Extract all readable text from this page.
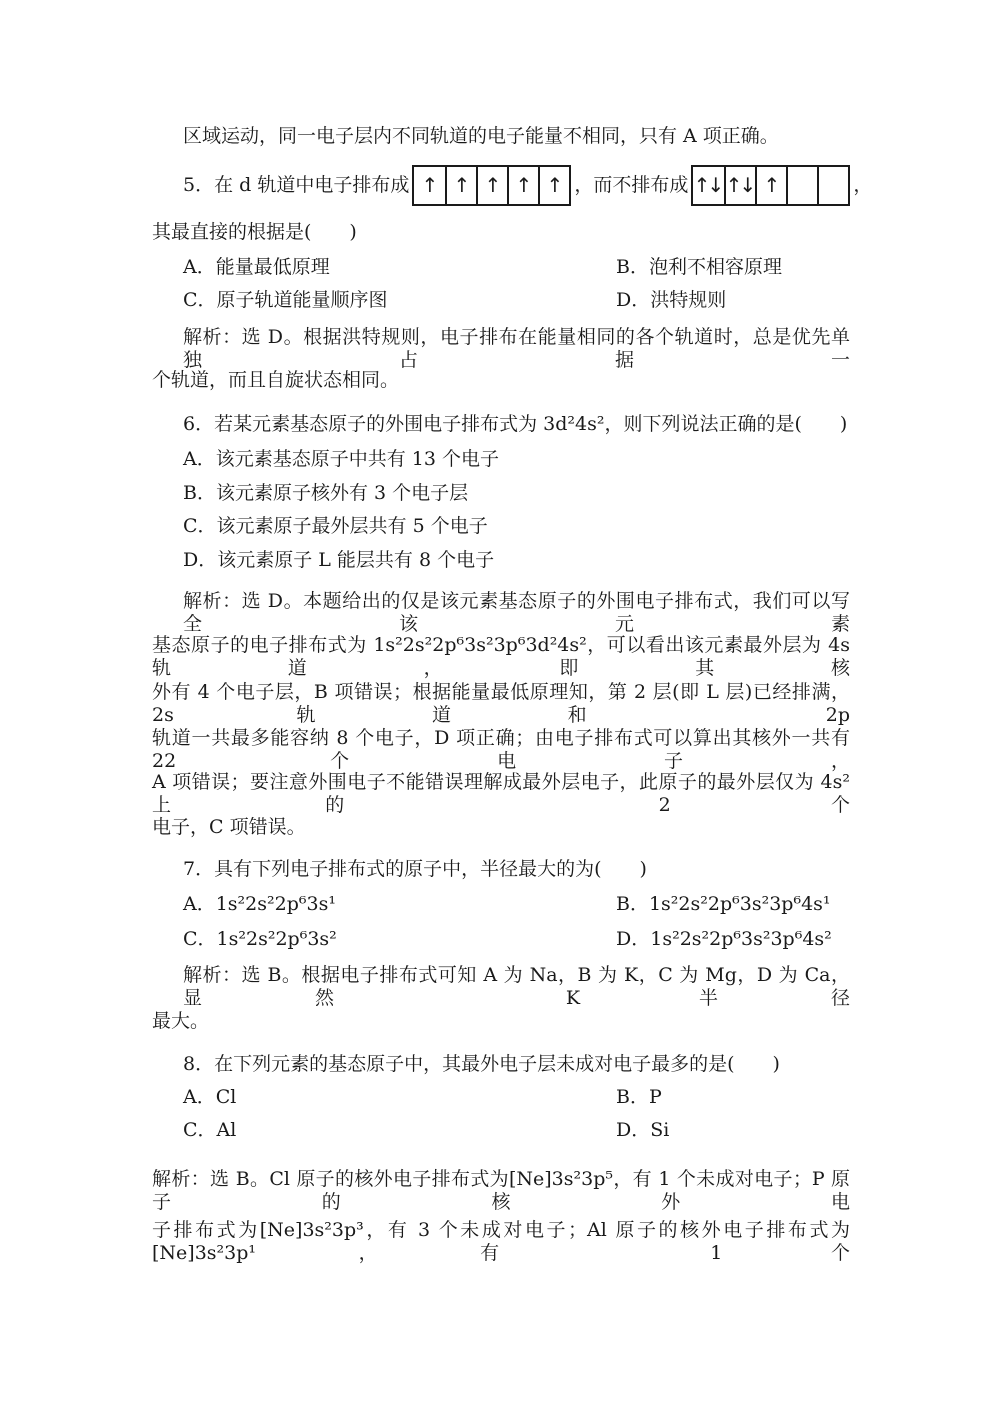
区域运动，同一电子层内不同轨道的电子能量不相同，只有 A 项正确。
5．在 d 轨道中电子排布成 ↑ ↑ ↑ ↑ ↑ ，而不排布成 ↑↓ ↑↓ ↑	，
其最直接的根据是(　　)
A．能量最低原理	B．泡利不相容原理
C．原子轨道能量顺序图	D．洪特规则
解析：选 D。根据洪特规则，电子排布在能量相同的各个轨道时，总是优先单独占据一
个轨道，而且自旋状态相同。
6．若某元素基态原子的外围电子排布式为 3d²4s²，则下列说法正确的是(　　)
A．该元素基态原子中共有 13 个电子
B．该元素原子核外有 3 个电子层
C．该元素原子最外层共有 5 个电子
D．该元素原子 L 能层共有 8 个电子
解析：选 D。本题给出的仅是该元素基态原子的外围电子排布式，我们可以写全该元素
基态原子的电子排布式为 1s²2s²2p⁶3s²3p⁶3d²4s²，可以看出该元素最外层为 4s 轨道，即其核
外有 4 个电子层，B 项错误；根据能量最低原理知，第 2 层(即 L 层)已经排满，2s 轨道和 2p
轨道一共最多能容纳 8 个电子，D 项正确；由电子排布式可以算出其核外一共有 22 个电子，
A 项错误；要注意外围电子不能错误理解成最外层电子，此原子的最外层仅为 4s² 上的 2 个
电子，C 项错误。
7．具有下列电子排布式的原子中，半径最大的为(　　)
A．1s²2s²2p⁶3s¹	B．1s²2s²2p⁶3s²3p⁶4s¹
C．1s²2s²2p⁶3s²	D．1s²2s²2p⁶3s²3p⁶4s²
解析：选 B。根据电子排布式可知 A 为 Na，B 为 K，C 为 Mg，D 为 Ca，显然 K 半径
最大。
8．在下列元素的基态原子中，其最外电子层未成对电子最多的是(　　)
A．Cl	B．P
C．Al	D．Si
解析：选 B。Cl 原子的核外电子排布式为[Ne]3s²3p⁵，有 1 个未成对电子；P 原子的核外电
子排布式为[Ne]3s²3p³，有 3 个未成对电子；Al 原子的核外电子排布式为[Ne]3s²3p¹，有 1 个
